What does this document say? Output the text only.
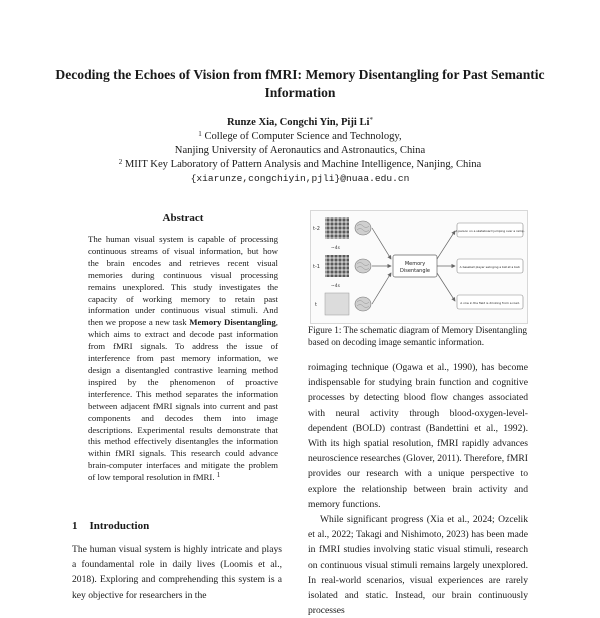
Decoding the Echoes of Vision from fMRI: Memory Disentangling for Past Semantic Information
Runze Xia, Congchi Yin, Piji Li*
$^1$ College of Computer Science and Technology,
Nanjing University of Aeronautics and Astronautics, China
$^2$ MIIT Key Laboratory of Pattern Analysis and Machine Intelligence, Nanjing, China
{xiarunze,congchiyin,pjli}@nuaa.edu.cn
Abstract
The human visual system is capable of processing continuous streams of visual information, but how the brain encodes and retrieves recent visual memories during continuous visual processing remains unexplored. This study investigates the capacity of working memory to retain past information under continuous visual stimuli. And then we propose a new task Memory Disentangling, which aims to extract and decode past information from fMRI signals. To address the issue of interference from past memory information, we design a disentangled contrastive learning method inspired by the phenomenon of proactive interference. This method separates the information between adjacent fMRI signals into current and past components and decodes them into image descriptions. Experimental results demonstrate that this method effectively disentangles the information within fMRI signals. This research could advance brain-computer interfaces and mitigate the problem of low temporal resolution in fMRI. $^1$
1 Introduction
The human visual system is highly intricate and plays a foundamental role in daily lives (Loomis et al., 2018). Exploring and comprehending this system is a key objective for researchers in the
t-2
t-1
t
~4s
~4s
Memory
Disentangle
A person on a skateboard jumping over a ramp.
A baseball player swinging a bat at a ball.
A cow in the field is drinking from a road.
Figure 1: The schematic diagram of Memory Disentangling based on decoding image semantic information.

roimaging technique (Ogawa et al., 1990), has become indispensable for studying brain function and cognitive processes by detecting blood flow changes associated with neural activity through blood-oxygen-level-dependent (BOLD) contrast (Bandettini et al., 1992). With its high spatial resolution, fMRI rapidly advances neuroscience researches (Glover, 2011). Therefore, fMRI provides our research with a unique perspective to explore the relationship between brain activity and memory functions.

While significant progress (Xia et al., 2024; Ozcelik et al., 2022; Takagi and Nishimoto, 2023) has been made in fMRI studies involving static visual stimuli, research on continuous visual stimuli remains largely unexplored. In real-world scenarios, visual experiences are rarely isolated and static. Instead, our brain continuously processes
